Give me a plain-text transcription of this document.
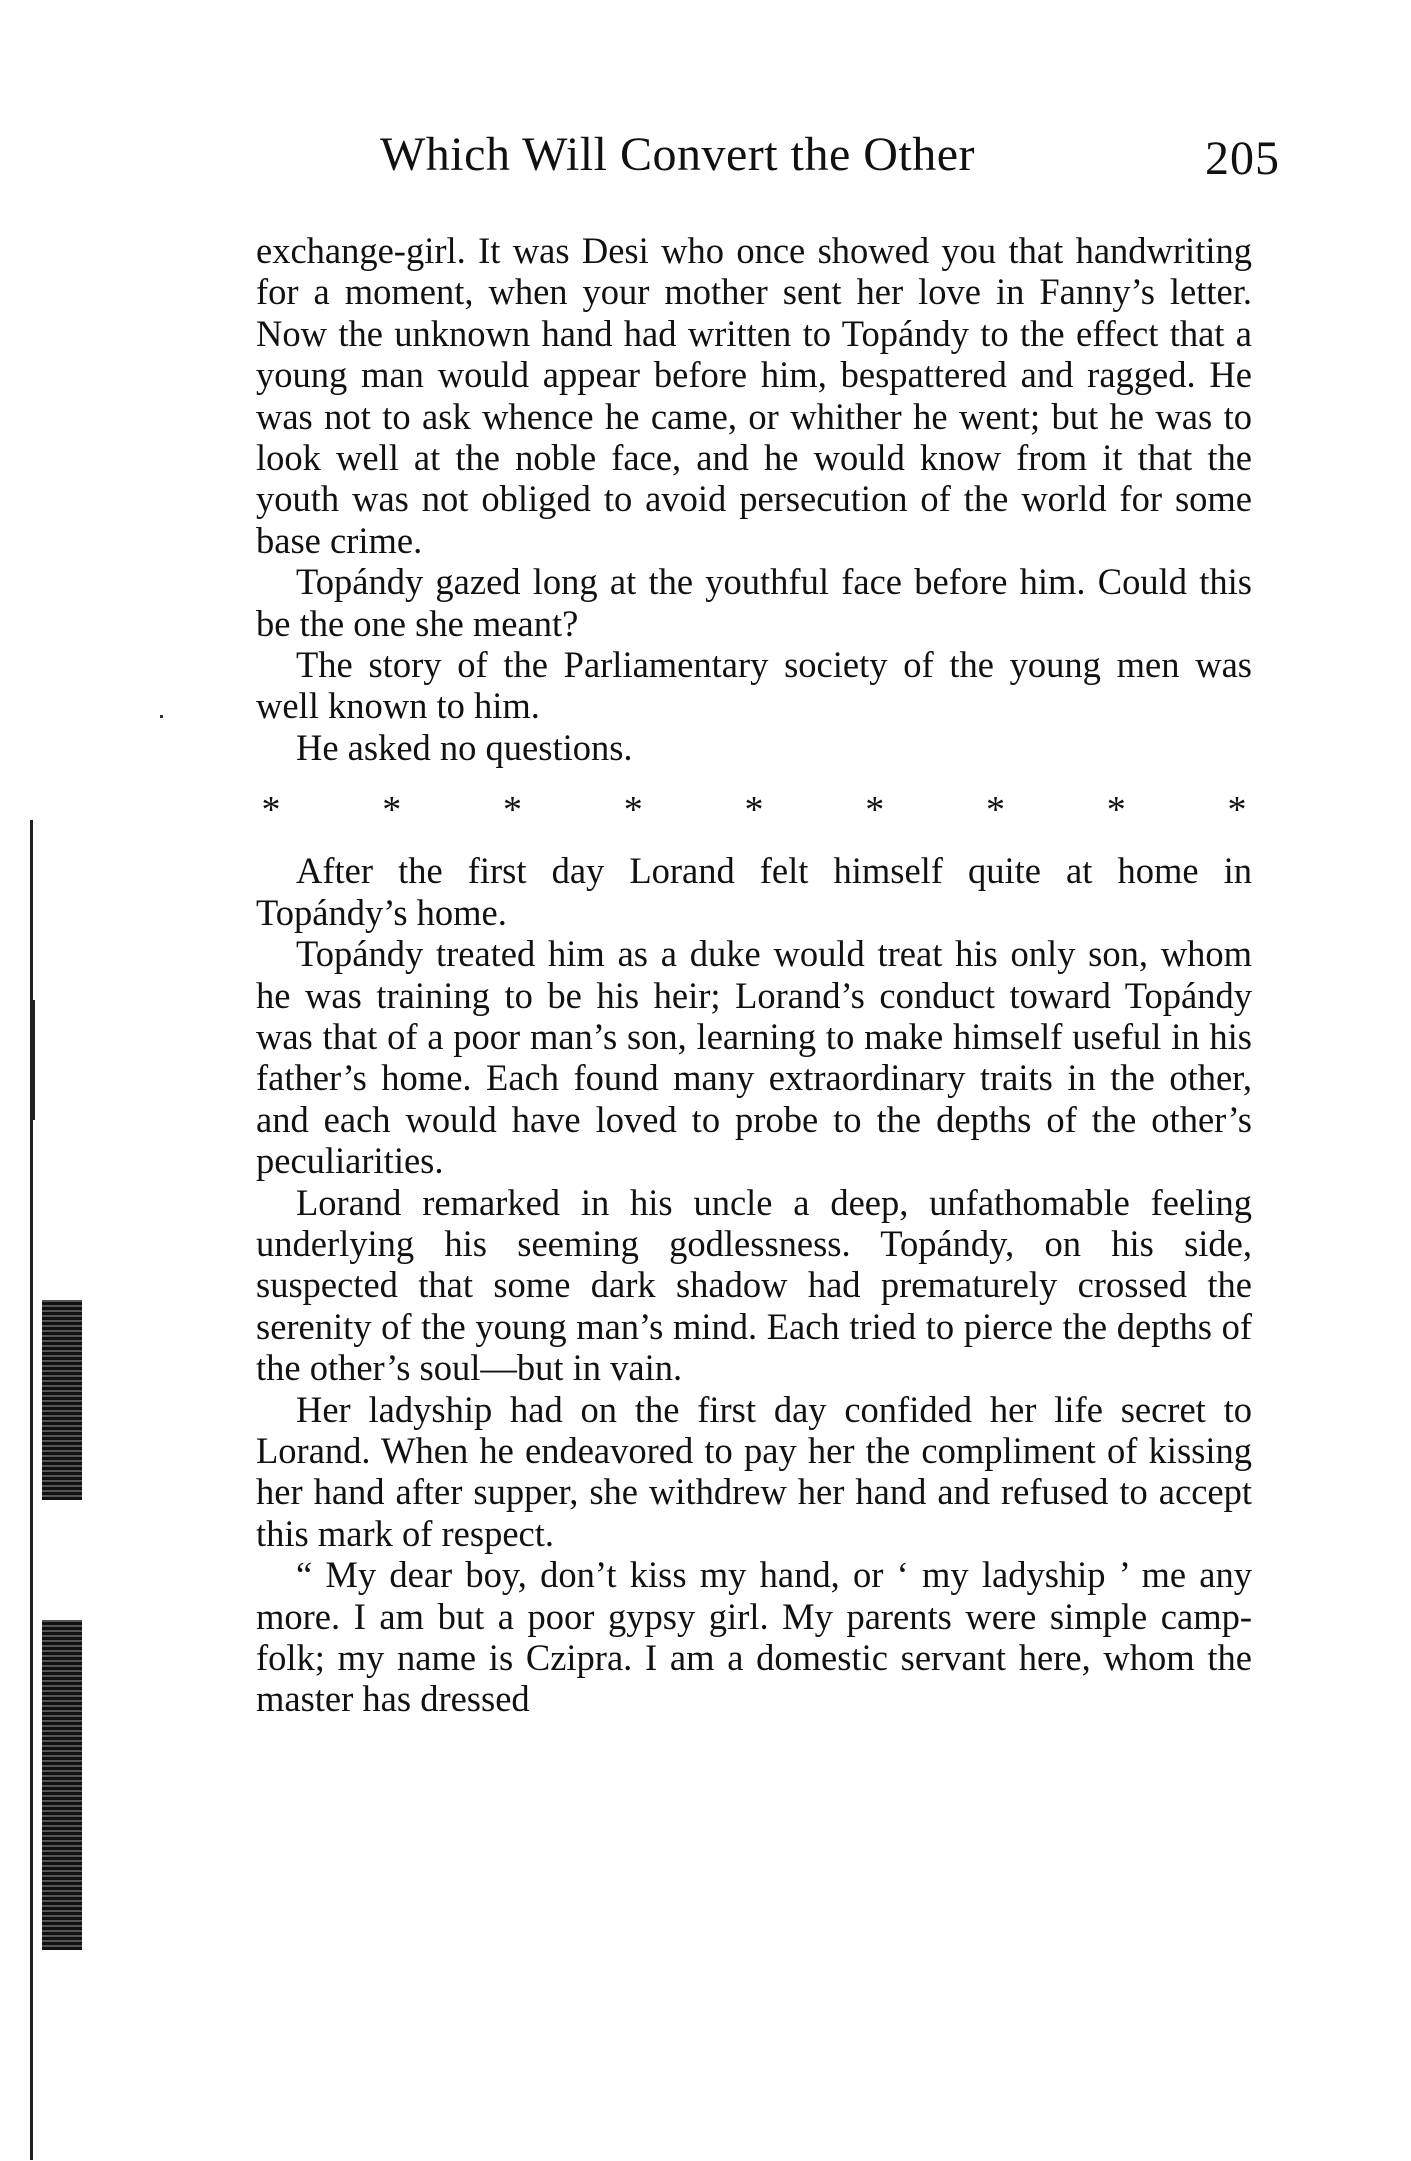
Which Will Convert the Other	205

exchange-girl. It was Desi who once showed you that handwriting for a moment, when your mother sent her love in Fanny’s letter. Now the unknown hand had written to Topándy to the effect that a young man would appear before him, bespattered and ragged. He was not to ask whence he came, or whither he went; but he was to look well at the noble face, and he would know from it that the youth was not obliged to avoid persecution of the world for some base crime.

Topándy gazed long at the youthful face before him. Could this be the one she meant?

The story of the Parliamentary society of the young men was well known to him.

He asked no questions.

*	*	*	*	*	*	*	*	*

After the first day Lorand felt himself quite at home in Topándy’s home.

Topándy treated him as a duke would treat his only son, whom he was training to be his heir; Lorand’s conduct toward Topándy was that of a poor man’s son, learning to make himself useful in his father’s home. Each found many extraordinary traits in the other, and each would have loved to probe to the depths of the other’s peculiarities.

Lorand remarked in his uncle a deep, unfathomable feeling underlying his seeming godlessness. Topándy, on his side, suspected that some dark shadow had prematurely crossed the serenity of the young man’s mind. Each tried to pierce the depths of the other’s soul—but in vain.

Her ladyship had on the first day confided her life secret to Lorand. When he endeavored to pay her the compliment of kissing her hand after supper, she withdrew her hand and refused to accept this mark of respect.

“ My dear boy, don’t kiss my hand, or ‘ my ladyship ’ me any more. I am but a poor gypsy girl. My parents were simple camp-folk; my name is Czipra. I am a domestic servant here, whom the master has dressed
